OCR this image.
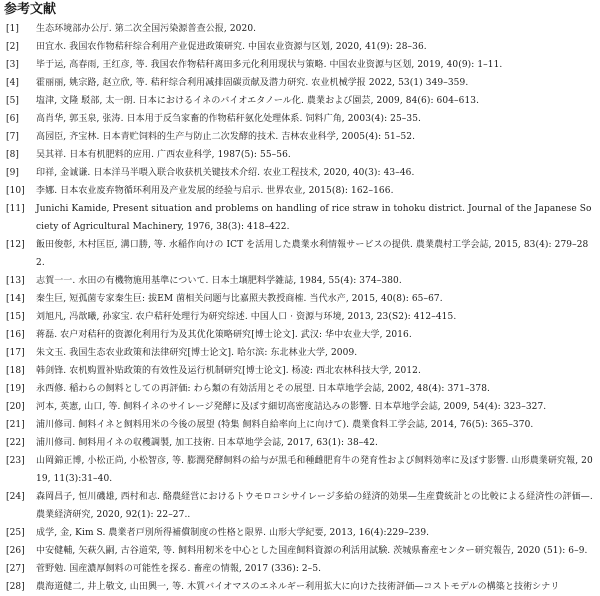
参考文献
[1]	生态环境部办公厅. 第二次全国污染源普查公报, 2020.
[2]	田宜水. 我国农作物秸秆综合利用产业促进政策研究. 中国农业资源与区划, 2020, 41(9): 28–36.
[3]	毕于运, 高春雨, 王红彦, 等. 我国农作物秸秆离田多元化利用现状与策略. 中国农业资源与区划, 2019, 40(9): 1–11.
[4]	霍丽丽, 姚宗路, 赵立欣, 等. 秸秆综合利用减排固碳贡献及潜力研究. 农业机械学报 2022, 53(1) 349–359.
[5]	塩津, 文隆 駁部, 太一朗. 日本におけるイネのバイオエタノール化. 農業および園芸, 2009, 84(6): 604–613.
[6]	高肖华, 郭玉泉, 张涛. 日本用于反刍家畜的作物秸秆氨化处理体系. 饲料广角, 2003(4): 25–35.
[7]	高园臣, 齐宝林. 日本青贮饲料的生产与防止二次发酵的技术. 吉林农业科学, 2005(4): 51–52.
[8]	吴其祥. 日本有机肥料的应用. 广西农业科学, 1987(5): 55–56.
[9]	印祥, 金诚谦. 日本洋马半喂入联合收获机关键技术介绍. 农业工程技术, 2020, 40(3): 43–46.
[10]	李娜. 日本农业废弃物循环利用及产业发展的经验与启示. 世界农业, 2015(8): 162–166.
[11]	Junichi Kamide, Present situation and problems on handling of rice straw in tohoku district. Journal of the Japanese Society of Agricultural Machinery, 1976, 38(3): 418–422.
[12]	飯田俊彰, 木村匡臣, 溝口勝, 等. 水稲作向けの ICT を活用した農業水利情報サービスの提供. 農業農村工学会誌, 2015, 83(4): 279–282.
[13]	志賀一一. 水田の有機物施用基準について. 日本土壌肥料学雑誌, 1984, 55(4): 374–380.
[14]	秦生巨, 短孤菌专家秦生巨: 拔EM 菌相关问题与比嘉照夫教授商榷. 当代水产, 2015, 40(8): 65–67.
[15]	刘旭凡, 冯歆曦, 孙家宝. 农户秸秆处理行为研究综述. 中国人口 · 资源与环境, 2013, 23(S2): 412–415.
[16]	蒋磊. 农户对秸秆的资源化利用行为及其优化策略研究[博士论文]. 武汉: 华中农业大学, 2016.
[17]	朱文玉. 我国生态农业政策和法律研究[博士论文]. 哈尔滨: 东北林业大学, 2009.
[18]	韩剑锋. 农机购置补贴政策的有效性及运行机制研究[博士论文]. 杨凌: 西北农林科技大学, 2012.
[19]	永西修. 稲わらの飼料としての再評価: わら類の有効活用とその展望. 日本草地学会誌, 2002, 48(4): 371–378.
[20]	河本, 英憲, 山口, 等. 飼料イネのサイレージ発酵に及ぼす細切高密度詰込みの影響. 日本草地学会誌, 2009, 54(4): 323–327.
[21]	浦川修司. 飼料イネと飼料用米の今後の展望 (特集 飼料自給率向上に向けて). 農業食料工学会誌, 2014, 76(5): 365–370.
[22]	浦川修司. 飼料用イネの収穫調製, 加工技術. 日本草地学会誌, 2017, 63(1): 38–42.
[23]	山岡錦正博, 小松正尚, 小松智彦, 等. 膨潤発酵飼料の給与が黒毛和種雌肥育牛の発育性および飼料効率に及ぼす影響. 山形農業研究報, 2019, 11(3):31–40.
[24]	森岡昌子, 恒川磯雄, 西村和志. 酪農経営におけるトウモロコシサイレージ多給の経済的効果—生産費統計との比較による経済性の評価—. 農業経済研究, 2020, 92(1): 22–27..
[25]	成学, 金, Kim S. 農業者戸別所得補償制度の性格と限界. 山形大学紀要, 2013, 16(4):229–239.
[26]	中安健輔, 矢萩久嗣, 古谷道荣, 等. 飼料用籾米を中心とした国産飼料資源の利活用試験. 茨城県畜産センター研究報告, 2020 (51): 6–9.
[27]	菅野勉. 国産濃厚飼料の可能性を探る. 畜産の情報, 2017 (336): 2–5.
[28]	農海道健二, 井上敬文, 山田興一, 等. 木質バイオマスのエネルギー利用拡大に向けた技術評価—コストモデルの構築と技術シナリ
